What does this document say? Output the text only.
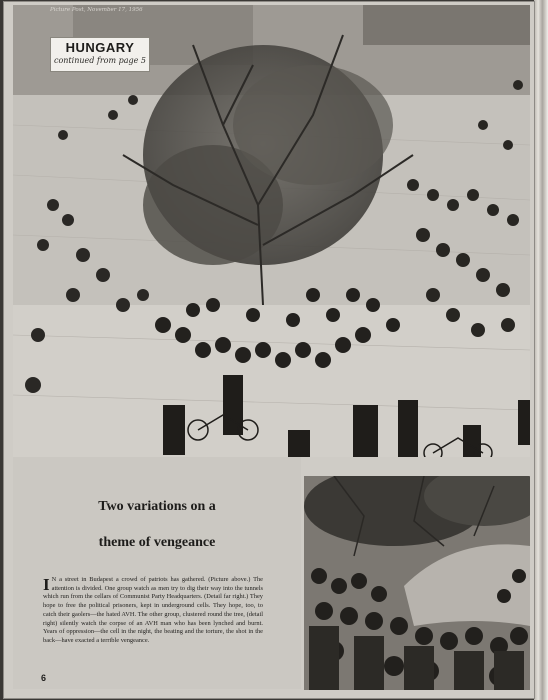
Picture Post, November 17, 1956
HUNGARY
continued from page 5
Two variations on a
theme of vengeance
I N a street in Budapest a crowd of patriots has gathered. (Picture above.) The attention is divided. One group watch as men try to dig their way into the tunnels which run from the cellars of Communist Party Headquarters. (Detail far right.) They hope to free the political prisoners, kept in underground cells. They hope, too, to catch their gaolers—the hated AVH. The other group, clustered round the tree, (detail right) silently watch the corpse of an AVH man who has been lynched and burnt. Years of oppression—the cell in the night, the beating and the torture, the shot in the back—have exacted a terrible vengeance.
6
